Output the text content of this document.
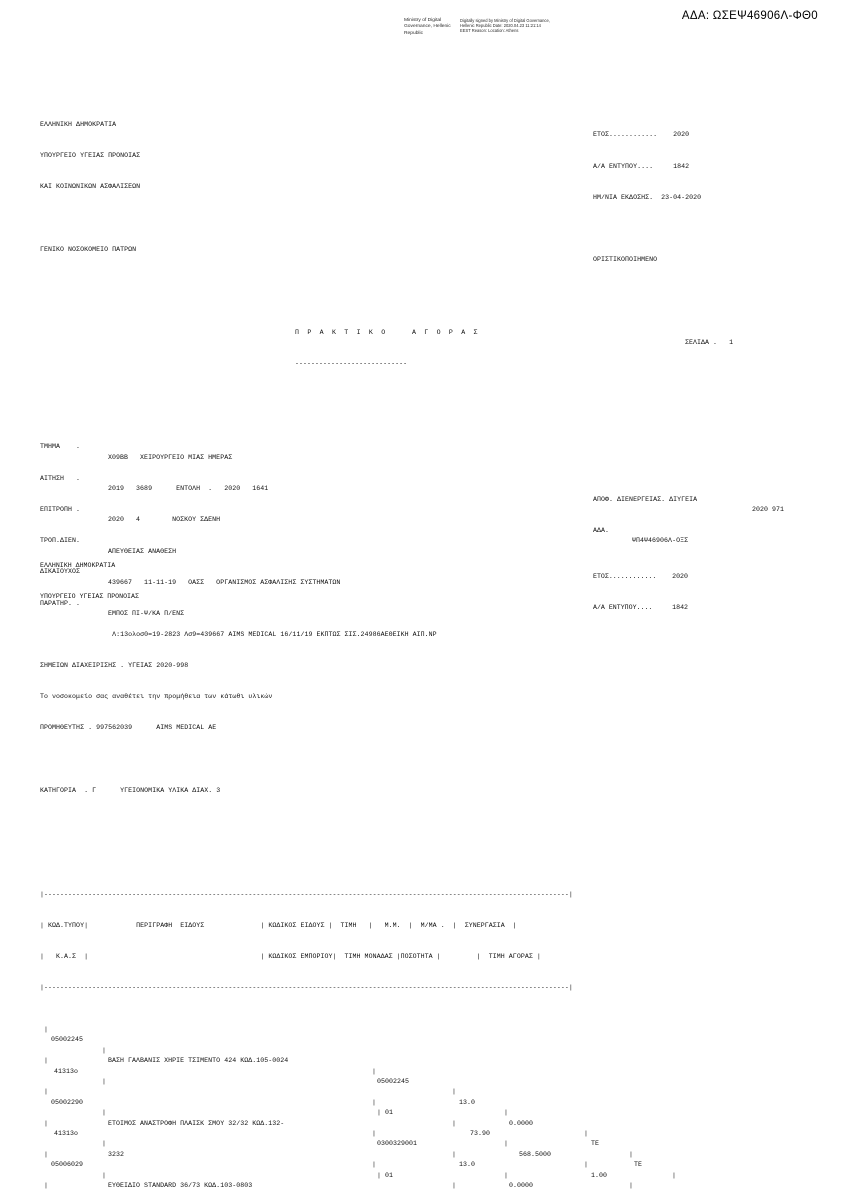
ΑΔΑ: ΩΣΕΨ46906Λ-ΦΘ0
Ministry of Digital Governance, Hellenic Republic
Digitally signed by Ministry of Digital Governance, Hellenic Republic Date: 2020.04.23 11:21:14 EEST Reason: Location: Athens

ΕΛΛΗΝΙΚΗ ΔΗΜΟΚΡΑΤΙΑ

ΕΤΟΣ............ 2020

ΥΠΟΥΡΓΕΙΟ ΥΓΕΙΑΣ ΠΡΟΝΟΙΑΣ

Α/Α ΕΝΤΥΠΟΥ....	1842

ΚΑΙ ΚΟΙΝΩΝΙΚΩΝ ΑΣΦΑΛΙΣΕΩΝ

ΗΜ/ΝΙΑ ΕΚΔΟΣΗΣ. 23-04-2020

ΓΕΝΙΚΟ ΝΟΣΟΚΟΜΕΙΟ ΠΑΤΡΩΝ

ΟΡΙΣΤΙΚΟΠΟΙΗΜΕΝΟ

Π Ρ Α Κ Τ Ι Κ Ο    Α Γ Ο Ρ Α Σ

ΣΕΛΙΔΑ . 1

----------------------------

ΤΜΗΜΑ    .

X09BB   ΧΕΙΡΟΥΡΓΕΙΟ ΜΙΑΣ ΗΜΕΡΑΣ

ΑΙΤΗΣΗ   .

2019   3689      ΕΝΤΟΛΗ  .   2020   1641

ΑΠΟΦ. ΔΙΕΝΕΡΓΕΙΑΣ. ΔΙΥΓΕΙΑ

2020 971

ΕΠΙΤΡΟΠΗ .

2020   4        ΝΟΣΚΟΥ ΣΔΕΝΗ

ΑΔΑ.

ΨΠ4Ψ46906Λ-ΟΞΣ

ΤΡΟΠ.ΔΙΕΝ.

ΑΠΕΥΘΕΙΑΣ ΑΝΑΘΕΣΗ

ΔΙΚΑΙΟΥΧΟΣ

439667   11-11-19   ΟΑΣΣ   ΟΡΓΑΝΙΣΜΟΣ ΑΣΦΑΛΙΣΗΣ ΣΥΣΤΗΜΑΤΩΝ

ΠΑΡΑΤΗΡ. .

ΕΜΠΟΣ ΠΙ-Ψ/ΚΑ Π/ΕΝΣ

Λ:13ολοσ0=19-2823 Λσ9=439667 AIMS MEDICAL 16/11/19 ΕΚΠΤΩΣ ΣΙΣ.24986ΑΕΘΕΙΚΗ ΑΙΠ.ΝΡ

ΣΗΜΕΙΩΝ ΔΙΑΧΕΙΡΙΣΗΣ . ΥΓΕΙΑΣ 2020-998

Το νοσοκομείο σας αναθέτει την προμήθεια των κάτωθι υλικών

ΠΡΟΜΗΘΕΥΤΗΣ . 997562039      AIMS MEDICAL ΑΕ

ΚΑΤΗΓΟΡΙΑ  . Γ      ΥΓΕΙΟΝΟΜΙΚΑ ΥΛΙΚΑ ΔΙΑΧ. 3

|-----------------------------------------------------------------------------------------------------------------------------------|

| ΚΩΔ.ΤΥΠΟΥ|            ΠΕΡΙΓΡΑΦΗ  ΕΙΔΟΥΣ              | ΚΩΔΙΚΟΣ ΕΙΔΟΥΣ |  ΤΙΜΗ   |   Μ.Μ.  |  Μ/ΜΑ .  |  ΣΥΝΕΡΓΑΣΙΑ  |

|   Κ.Α.Σ  |                                           | ΚΩΔΙΚΟΣ ΕΜΠΟΡΙΟΥ|  ΤΙΜΗ ΜΟΝΑΔΑΣ |ΠΟΣΟΤΗΤΑ |         |  ΤΙΜΗ ΑΓΟΡΑΣ |

|-----------------------------------------------------------------------------------------------------------------------------------|

|

05002245

|

ΒΑΣΗ ΓΑΛΒΑΝΙΣ ΧΗΡΙΕ ΤΣΙΜΕΝΤΟ 424 ΚΩΔ.105-0024

|

05002245

|

13.0

|

0.0000

|

ΤΕ

|

ΤΕ

|

|

41313ο

|

|

| 01

|

73.90

|

568.5000

|

1.00

|

|

05002290

|

ΕΤΟΙΜΟΣ ΑΝΑΣΤΡΟΦΗ ΠΛΑΙΣΚ ΣΜΟΥ 32/32 ΚΩΔ.132-

|

0300329001

|

13.0

|

0.0000

|

41313ο

|

3232

|

| 01

|

|

05006029

|

ΕΥΘΕΙΔΙΟ STANDARD 36/73 ΚΩΔ.103-0803

|

ΕΛΛΗΝΙΚΗ ΔΗΜΟΚΡΑΤΙΑ

ΕΤΟΣ............ 2020

ΥΠΟΥΡΓΕΙΟ ΥΓΕΙΑΣ ΠΡΟΝΟΙΑΣ

Α/Α ΕΝΤΥΠΟΥ....	1842
